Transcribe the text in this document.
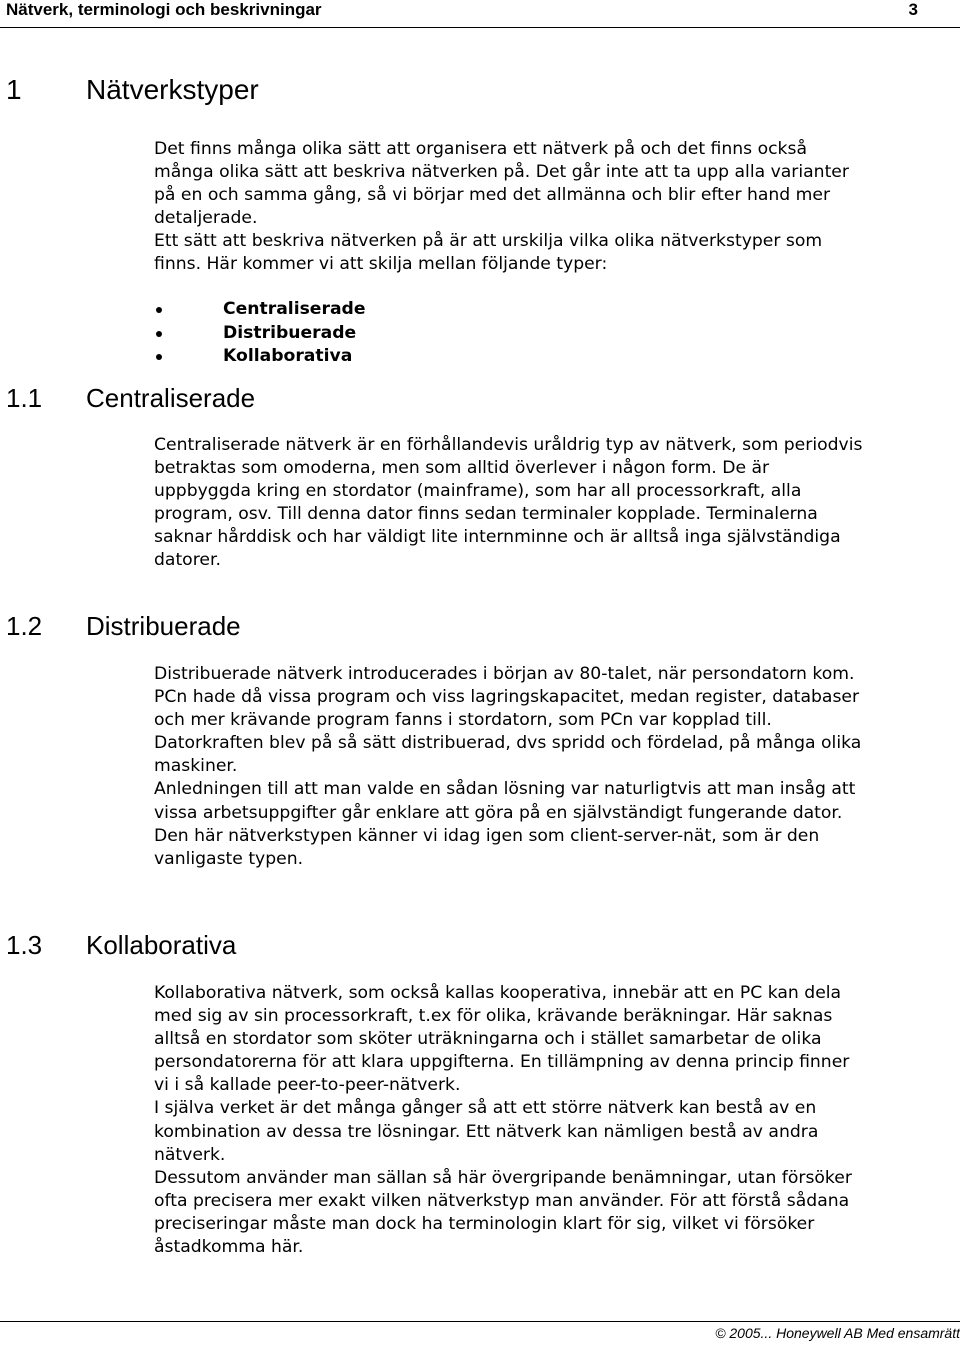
Nätverk, terminologi och beskrivningar	3
1 Nätverkstyper

Det finns många olika sätt att organisera ett nätverk på och det finns också
många olika sätt att beskriva nätverken på. Det går inte att ta upp alla varianter
på en och samma gång, så vi börjar med det allmänna och blir efter hand mer
detaljerade.
Ett sätt att beskriva nätverken på är att urskilja vilka olika nätverkstyper som
finns. Här kommer vi att skilja mellan följande typer:

Centraliserade
Distribuerade
Kollaborativa
1.1 Centraliserade

Centraliserade nätverk är en förhållandevis uråldrig typ av nätverk, som periodvis
betraktas som omoderna, men som alltid överlever i någon form. De är
uppbyggda kring en stordator (mainframe), som har all processorkraft, alla
program, osv. Till denna dator finns sedan terminaler kopplade. Terminalerna
saknar hårddisk och har väldigt lite internminne och är alltså inga självständiga
datorer.

1.2 Distribuerade

Distribuerade nätverk introducerades i början av 80-talet, när persondatorn kom.
PCn hade då vissa program och viss lagringskapacitet, medan register, databaser
och mer krävande program fanns i stordatorn, som PCn var kopplad till.
Datorkraften blev på så sätt distribuerad, dvs spridd och fördelad, på många olika
maskiner.
Anledningen till att man valde en sådan lösning var naturligtvis att man insåg att
vissa arbetsuppgifter går enklare att göra på en självständigt fungerande dator.
Den här nätverkstypen känner vi idag igen som client-server-nät, som är den
vanligaste typen.

1.3 Kollaborativa

Kollaborativa nätverk, som också kallas kooperativa, innebär att en PC kan dela
med sig av sin processorkraft, t.ex för olika, krävande beräkningar. Här saknas
alltså en stordator som sköter uträkningarna och i stället samarbetar de olika
persondatorerna för att klara uppgifterna. En tillämpning av denna princip finner
vi i så kallade peer-to-peer-nätverk.
I själva verket är det många gånger så att ett större nätverk kan bestå av en
kombination av dessa tre lösningar. Ett nätverk kan nämligen bestå av andra
nätverk.
Dessutom använder man sällan så här övergripande benämningar, utan försöker
ofta precisera mer exakt vilken nätverkstyp man använder. För att förstå sådana
preciseringar måste man dock ha terminologin klart för sig, vilket vi försöker
åstadkomma här.

© 2005... Honeywell AB Med ensamrätt
